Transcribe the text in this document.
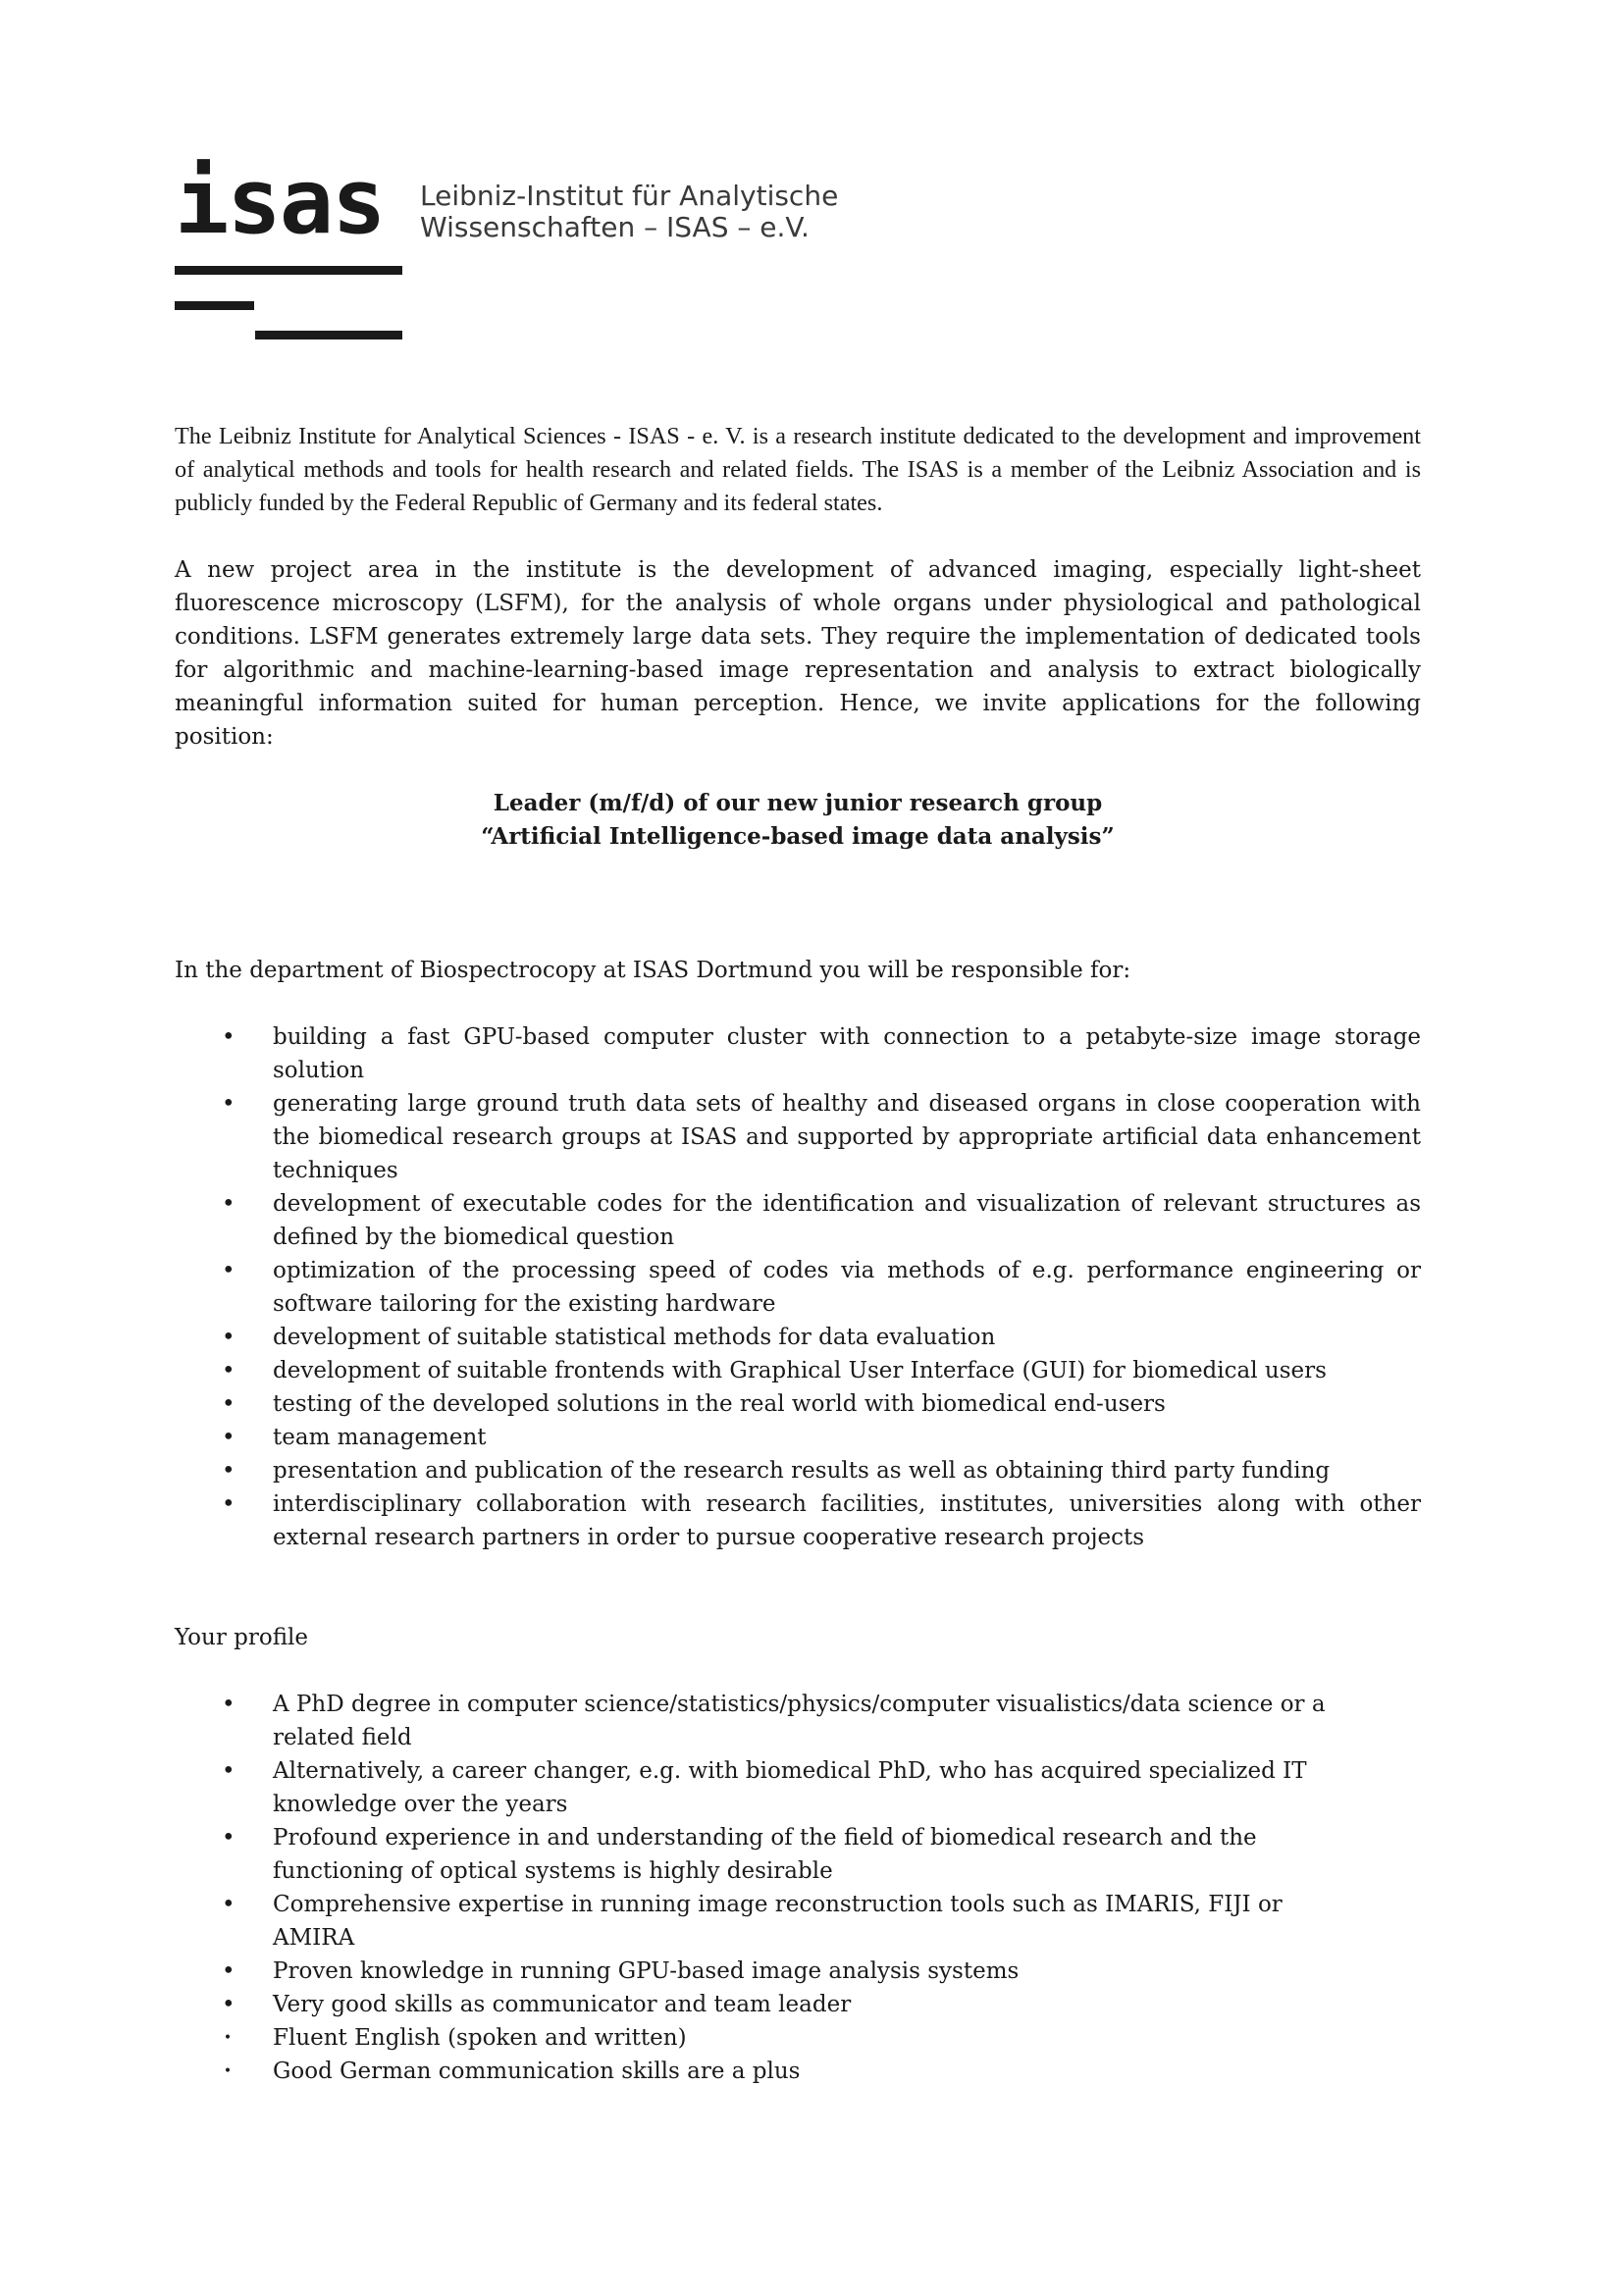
isas Leibniz-Institut für Analytische
Wissenschaften – ISAS – e.V.

The Leibniz Institute for Analytical Sciences - ISAS - e. V. is a research institute dedicated to the development and improvement of analytical methods and tools for health research and related fields. The ISAS is a member of the Leibniz Association and is publicly funded by the Federal Republic of Germany and its federal states.

A new project area in the institute is the development of advanced imaging, especially light-sheet fluorescence microscopy (LSFM), for the analysis of whole organs under physiological and pathological conditions. LSFM generates extremely large data sets. They require the implementation of dedicated tools for algorithmic and machine-learning-based image representation and analysis to extract biologically meaningful information suited for human perception. Hence, we invite applications for the following position:

Leader (m/f/d) of our new junior research group
“Artificial Intelligence-based image data analysis”

In the department of Biospectrocopy at ISAS Dortmund you will be responsible for:

• building a fast GPU-based computer cluster with connection to a petabyte-size image storage solution
• generating large ground truth data sets of healthy and diseased organs in close cooperation with the biomedical research groups at ISAS and supported by appropriate artificial data enhancement techniques
• development of executable codes for the identification and visualization of relevant structures as defined by the biomedical question
• optimization of the processing speed of codes via methods of e.g. performance engineering or software tailoring for the existing hardware
• development of suitable statistical methods for data evaluation
• development of suitable frontends with Graphical User Interface (GUI) for biomedical users
• testing of the developed solutions in the real world with biomedical end-users
• team management
• presentation and publication of the research results as well as obtaining third party funding
• interdisciplinary collaboration with research facilities, institutes, universities along with other external research partners in order to pursue cooperative research projects

Your profile

• A PhD degree in computer science/statistics/physics/computer visualistics/data science or a related field
• Alternatively, a career changer, e.g. with biomedical PhD, who has acquired specialized IT knowledge over the years
• Profound experience in and understanding of the field of biomedical research and the functioning of optical systems is highly desirable
• Comprehensive expertise in running image reconstruction tools such as IMARIS, FIJI or AMIRA
• Proven knowledge in running GPU-based image analysis systems
• Very good skills as communicator and team leader
• Fluent English (spoken and written)
• Good German communication skills are a plus
